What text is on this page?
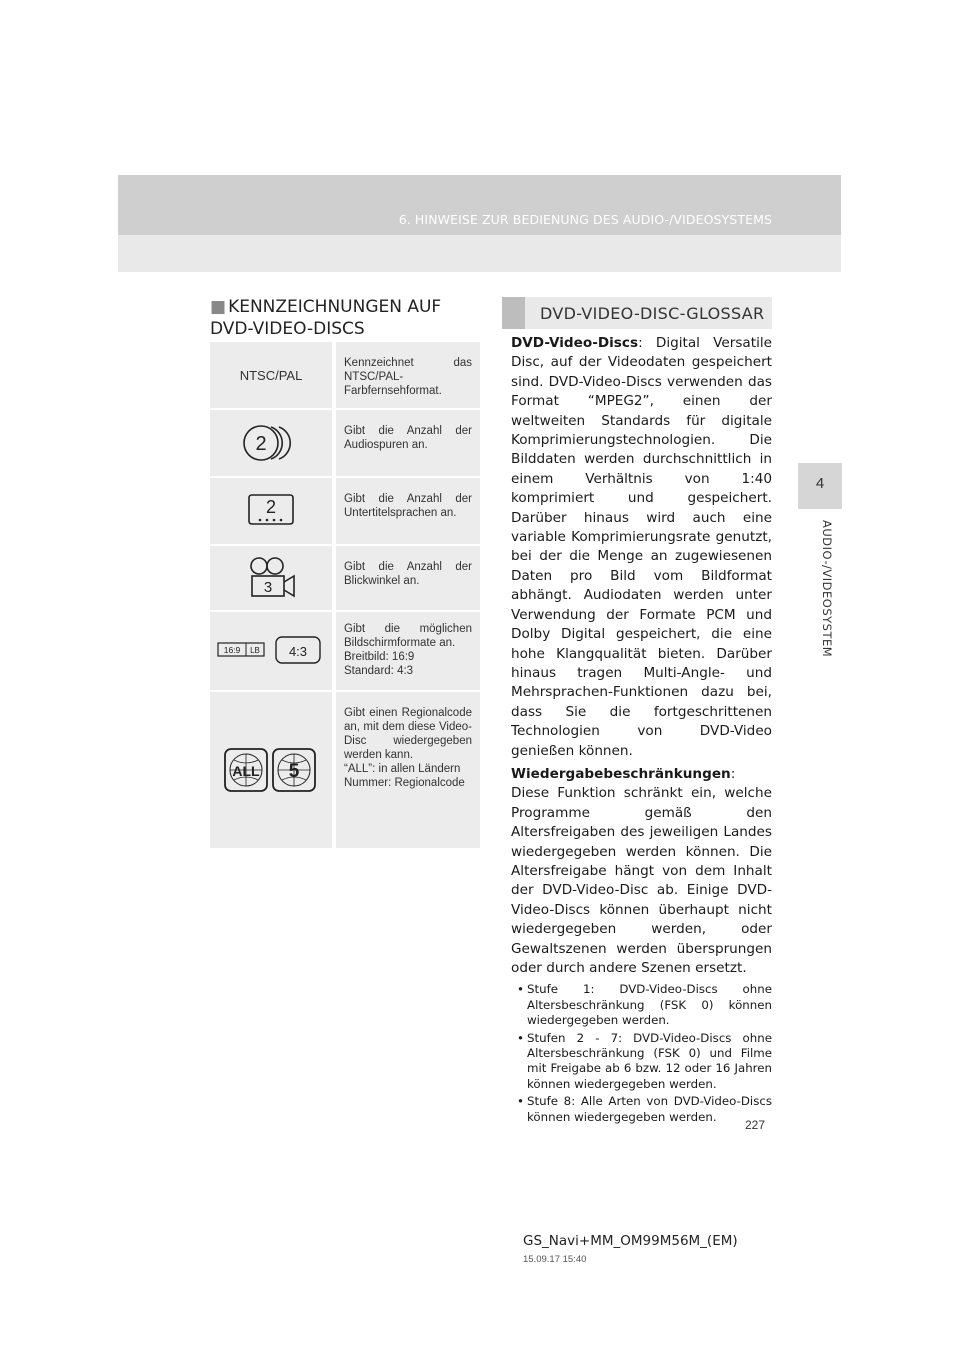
6. HINWEISE ZUR BEDIENUNG DES AUDIO-/VIDEOSYSTEMS
4
AUDIO-/VIDEOSYSTEM
■ KENNZEICHNUNGEN AUF DVD-VIDEO-DISCS
NTSC/PAL
Kennzeichnet das NTSC/PAL-Farbfernsehformat.
2
Gibt die Anzahl der Audiospuren an.
2	Gibt die Anzahl der Untertitelsprachen an.
3
Gibt die Anzahl der Blickwinkel an.
16:9 LB 4:3
Gibt die möglichen Bildschirmformate an.
Breitbild: 16:9
Standard: 4:3
ALL 5
Gibt einen Regionalcode an, mit dem diese Video-Disc wiedergegeben werden kann.
“ALL”: in allen Ländern
Nummer: Regionalcode
DVD-VIDEO-DISC-GLOSSAR

DVD-Video-Discs: Digital Versatile Disc, auf der Videodaten gespeichert sind. DVD-Video-Discs verwenden das Format “MPEG2”, einen der weltweiten Standards für digitale Komprimierungstechnologien. Die Bilddaten werden durchschnittlich in einem Verhältnis von 1:40 komprimiert und gespeichert. Darüber hinaus wird auch eine variable Komprimierungsrate genutzt, bei der die Menge an zugewiesenen Daten pro Bild vom Bildformat abhängt. Audiodaten werden unter Verwendung der Formate PCM und Dolby Digital gespeichert, die eine hohe Klangqualität bieten. Darüber hinaus tragen Multi-Angle- und Mehrsprachen-Funktionen dazu bei, dass Sie die fortgeschrittenen Technologien von DVD-Video genießen können.

Wiedergabebeschränkungen: Diese Funktion schränkt ein, welche Programme gemäß den Altersfreigaben des jeweiligen Landes wiedergegeben werden können. Die Altersfreigabe hängt von dem Inhalt der DVD-Video-Disc ab. Einige DVD-Video-Discs können überhaupt nicht wiedergegeben werden, oder Gewaltszenen werden übersprungen oder durch andere Szenen ersetzt.

• Stufe 1: DVD-Video-Discs ohne Altersbeschränkung (FSK 0) können wiedergegeben werden.
• Stufen 2 - 7: DVD-Video-Discs ohne Altersbeschränkung (FSK 0) und Filme mit Freigabe ab 6 bzw. 12 oder 16 Jahren können wiedergegeben werden.
• Stufe 8: Alle Arten von DVD-Video-Discs können wiedergegeben werden.
227
GS_Navi+MM_OM99M56M_(EM)
15.09.17 15:40
